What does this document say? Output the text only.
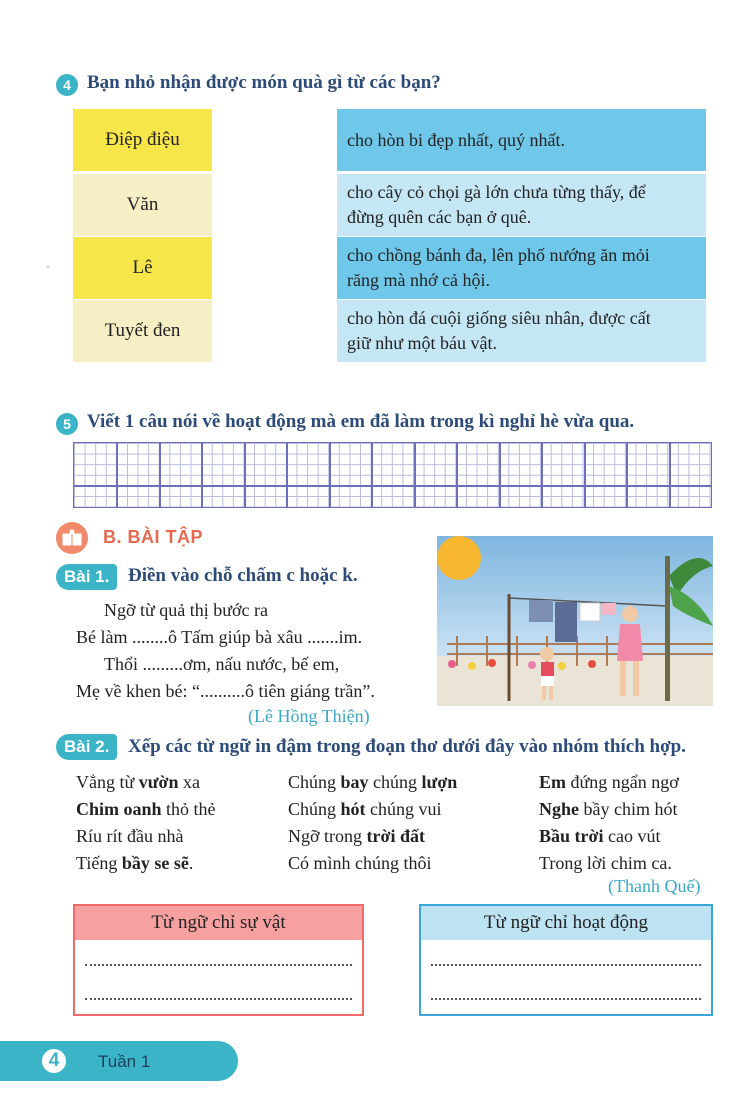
4 Bạn nhỏ nhận được món quà gì từ các bạn?
Điệp điệu
Văn
Lê
Tuyết đen
cho hòn bi đẹp nhất, quý nhất.
cho cây cỏ chọi gà lớn chưa từng thấy, để
đừng quên các bạn ở quê.
cho chồng bánh đa, lên phố nướng ăn mỏi
răng mà nhớ cả hội.
cho hòn đá cuội giống siêu nhân, được cất
giữ như một báu vật.
◦
5 Viết 1 câu nói về hoạt động mà em đã làm trong kì nghỉ hè vừa qua.
B. BÀI TẬP
Bài 1. Điền vào chỗ chấm c hoặc k.
Ngỡ từ quả thị bước ra
Bé làm ........ô Tấm giúp bà xâu .......im.
Thổi .........ơm, nấu nước, bế em,
Mẹ về khen bé: “..........ô tiên giáng trần”.
(Lê Hồng Thiện)
Bài 2. Xếp các từ ngữ in đậm trong đoạn thơ dưới đây vào nhóm thích hợp.
Vẳng từ vườn xa
Chim oanh thỏ thẻ
Ríu rít đầu nhà
Tiếng bầy se sẽ.
Chúng bay chúng lượn
Chúng hót chúng vui
Ngỡ trong trời đất
Có mình chúng thôi
Em đứng ngẩn ngơ
Nghe bầy chim hót
Bầu trời cao vút
Trong lời chim ca.
(Thanh Quế)
Từ ngữ chỉ sự vật	Từ ngữ chỉ hoạt động
4	Tuần 1
